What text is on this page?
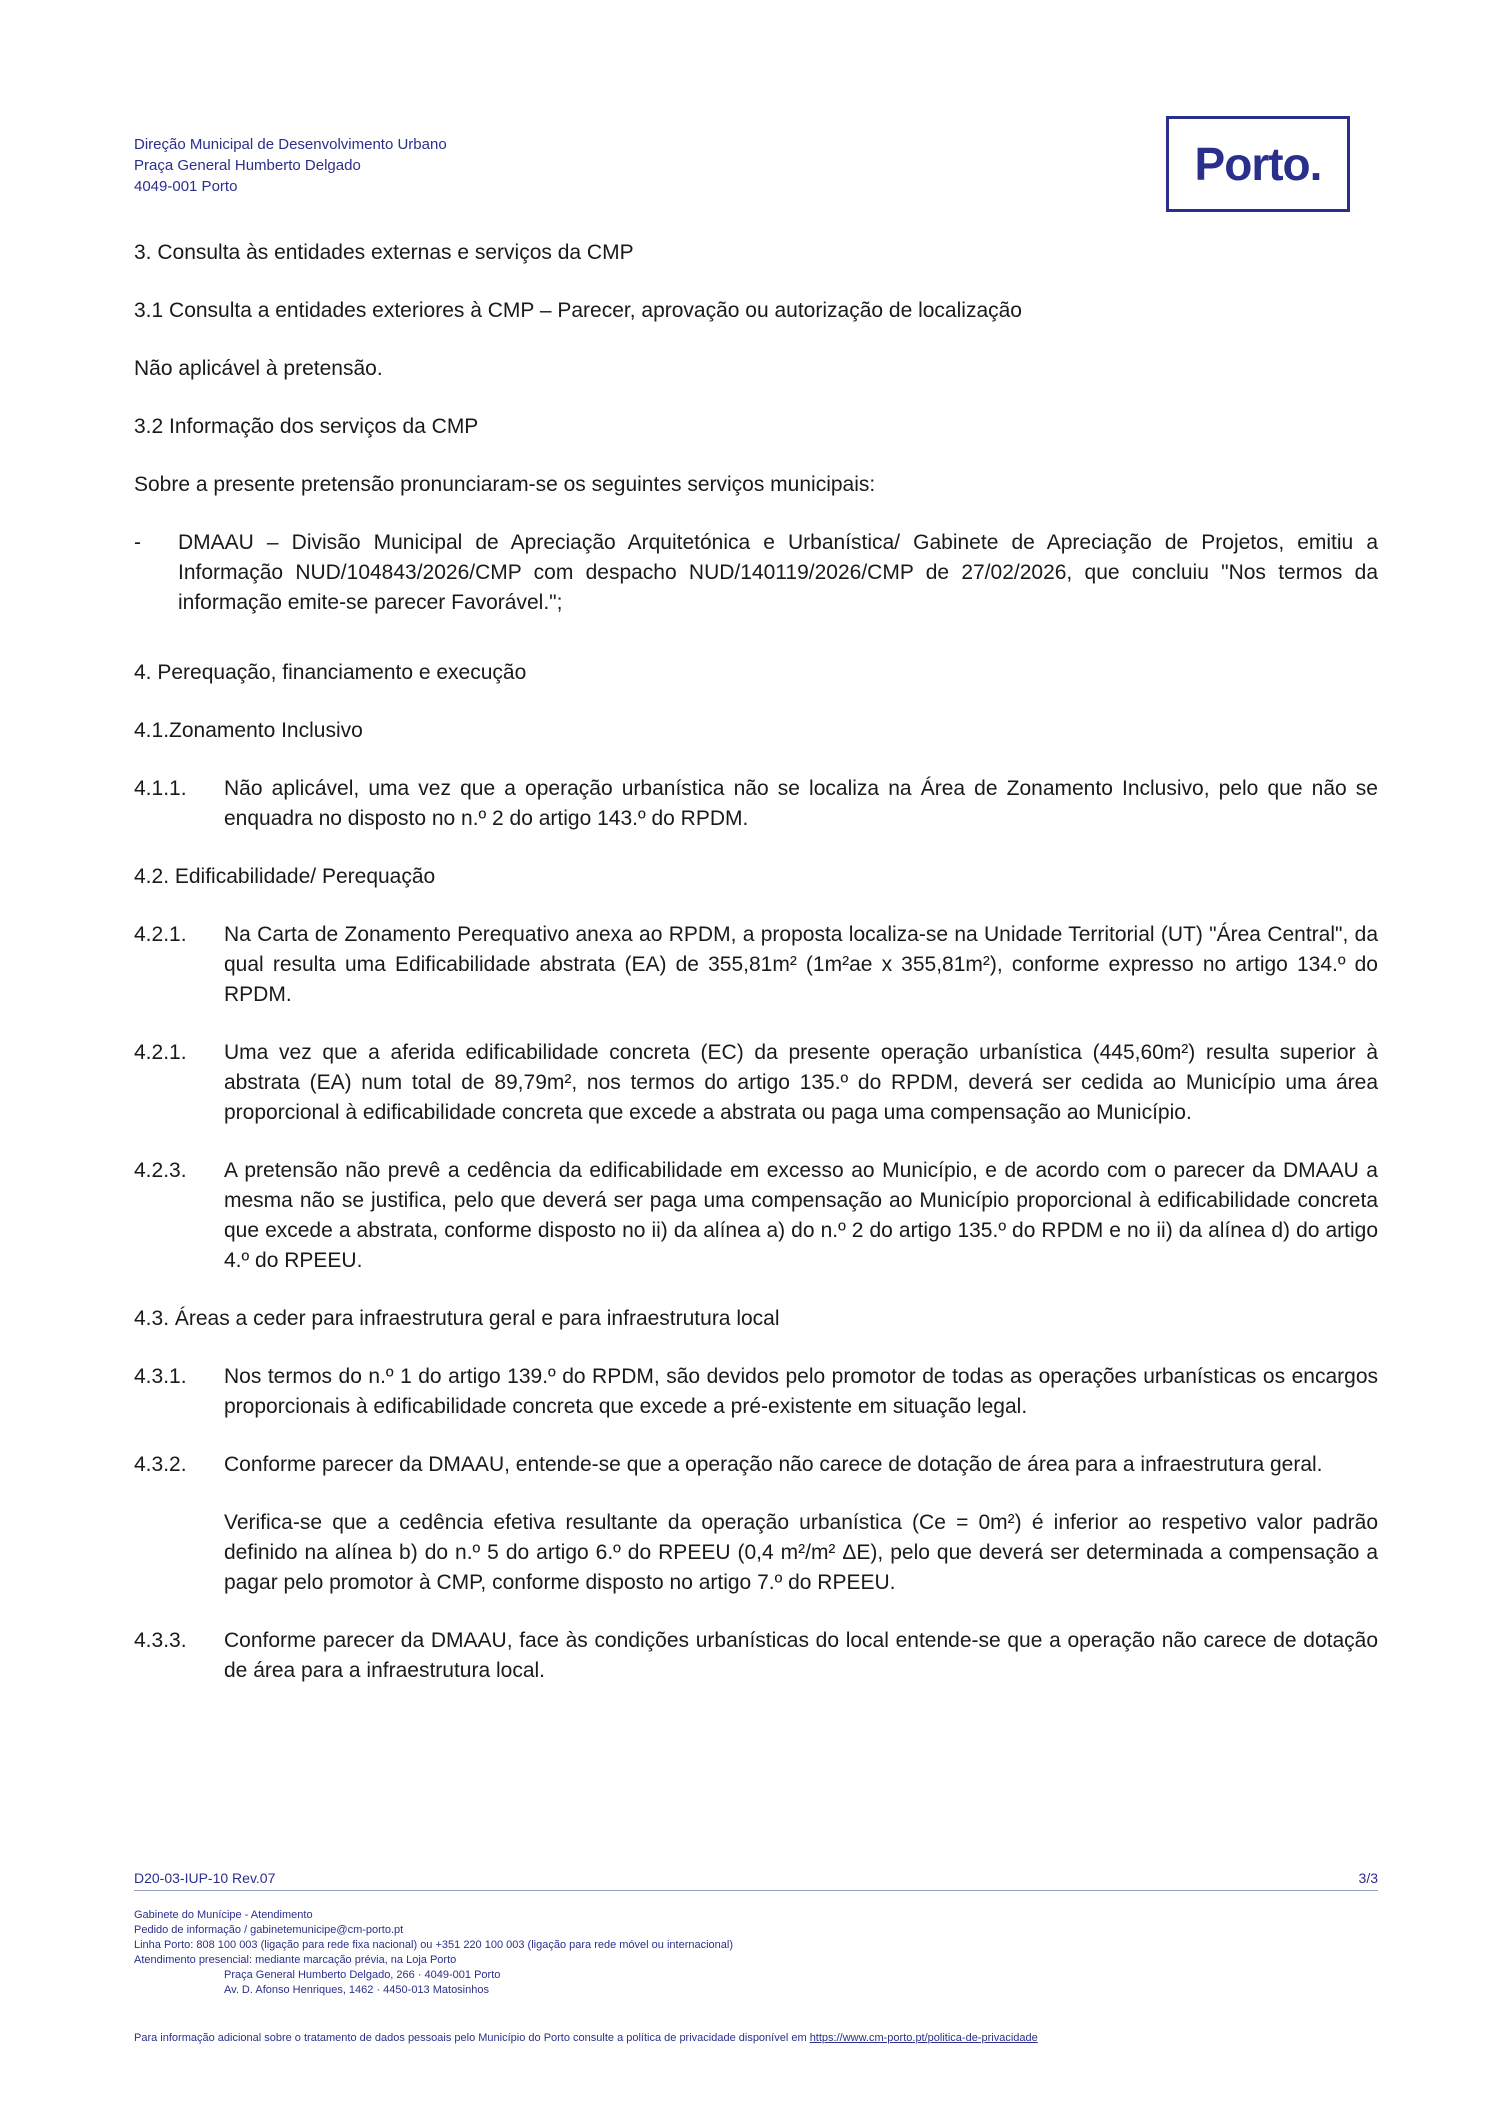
Direção Municipal de Desenvolvimento Urbano
Praça General Humberto Delgado
4049-001 Porto	Porto.
3. Consulta às entidades externas e serviços da CMP
3.1 Consulta a entidades exteriores à CMP – Parecer, aprovação ou autorização de localização
Não aplicável à pretensão.
3.2 Informação dos serviços da CMP
Sobre a presente pretensão pronunciaram-se os seguintes serviços municipais:
-	DMAAU – Divisão Municipal de Apreciação Arquitetónica e Urbanística/ Gabinete de Apreciação de Projetos, emitiu a Informação NUD/104843/2026/CMP com despacho NUD/140119/2026/CMP de 27/02/2026, que concluiu "Nos termos da informação emite-se parecer Favorável.";
4. Perequação, financiamento e execução
4.1.Zonamento Inclusivo
4.1.1.	Não aplicável, uma vez que a operação urbanística não se localiza na Área de Zonamento Inclusivo, pelo que não se enquadra no disposto no n.º 2 do artigo 143.º do RPDM.
4.2. Edificabilidade/ Perequação
4.2.1.	Na Carta de Zonamento Perequativo anexa ao RPDM, a proposta localiza-se na Unidade Territorial (UT) "Área Central", da qual resulta uma Edificabilidade abstrata (EA) de 355,81m² (1m²ae x 355,81m²), conforme expresso no artigo 134.º do RPDM.
4.2.1.	Uma vez que a aferida edificabilidade concreta (EC) da presente operação urbanística (445,60m²) resulta superior à abstrata (EA) num total de 89,79m², nos termos do artigo 135.º do RPDM, deverá ser cedida ao Município uma área proporcional à edificabilidade concreta que excede a abstrata ou paga uma compensação ao Município.
4.2.3.	A pretensão não prevê a cedência da edificabilidade em excesso ao Município, e de acordo com o parecer da DMAAU a mesma não se justifica, pelo que deverá ser paga uma compensação ao Município proporcional à edificabilidade concreta que excede a abstrata, conforme disposto no ii) da alínea a) do n.º 2 do artigo 135.º do RPDM e no ii) da alínea d) do artigo 4.º do RPEEU.
4.3. Áreas a ceder para infraestrutura geral e para infraestrutura local
4.3.1.	Nos termos do n.º 1 do artigo 139.º do RPDM, são devidos pelo promotor de todas as operações urbanísticas os encargos proporcionais à edificabilidade concreta que excede a pré-existente em situação legal.
4.3.2.	Conforme parecer da DMAAU, entende-se que a operação não carece de dotação de área para a infraestrutura geral.
Verifica-se que a cedência efetiva resultante da operação urbanística (Ce = 0m²) é inferior ao respetivo valor padrão definido na alínea b) do n.º 5 do artigo 6.º do RPEEU (0,4 m²/m² ΔE), pelo que deverá ser determinada a compensação a pagar pelo promotor à CMP, conforme disposto no artigo 7.º do RPEEU.
4.3.3.	Conforme parecer da DMAAU, face às condições urbanísticas do local entende-se que a operação não carece de dotação de área para a infraestrutura local.
D20-03-IUP-10 Rev.07	3/3
Gabinete do Munícipe - Atendimento
Pedido de informação / gabinetemunicipe@cm-porto.pt
Linha Porto: 808 100 003 (ligação para rede fixa nacional) ou +351 220 100 003 (ligação para rede móvel ou internacional)
Atendimento presencial: mediante marcação prévia, na Loja Porto
Praça General Humberto Delgado, 266 · 4049-001 Porto
Av. D. Afonso Henriques, 1462 · 4450-013 Matosinhos
Para informação adicional sobre o tratamento de dados pessoais pelo Município do Porto consulte a política de privacidade disponível em https://www.cm-porto.pt/politica-de-privacidade
